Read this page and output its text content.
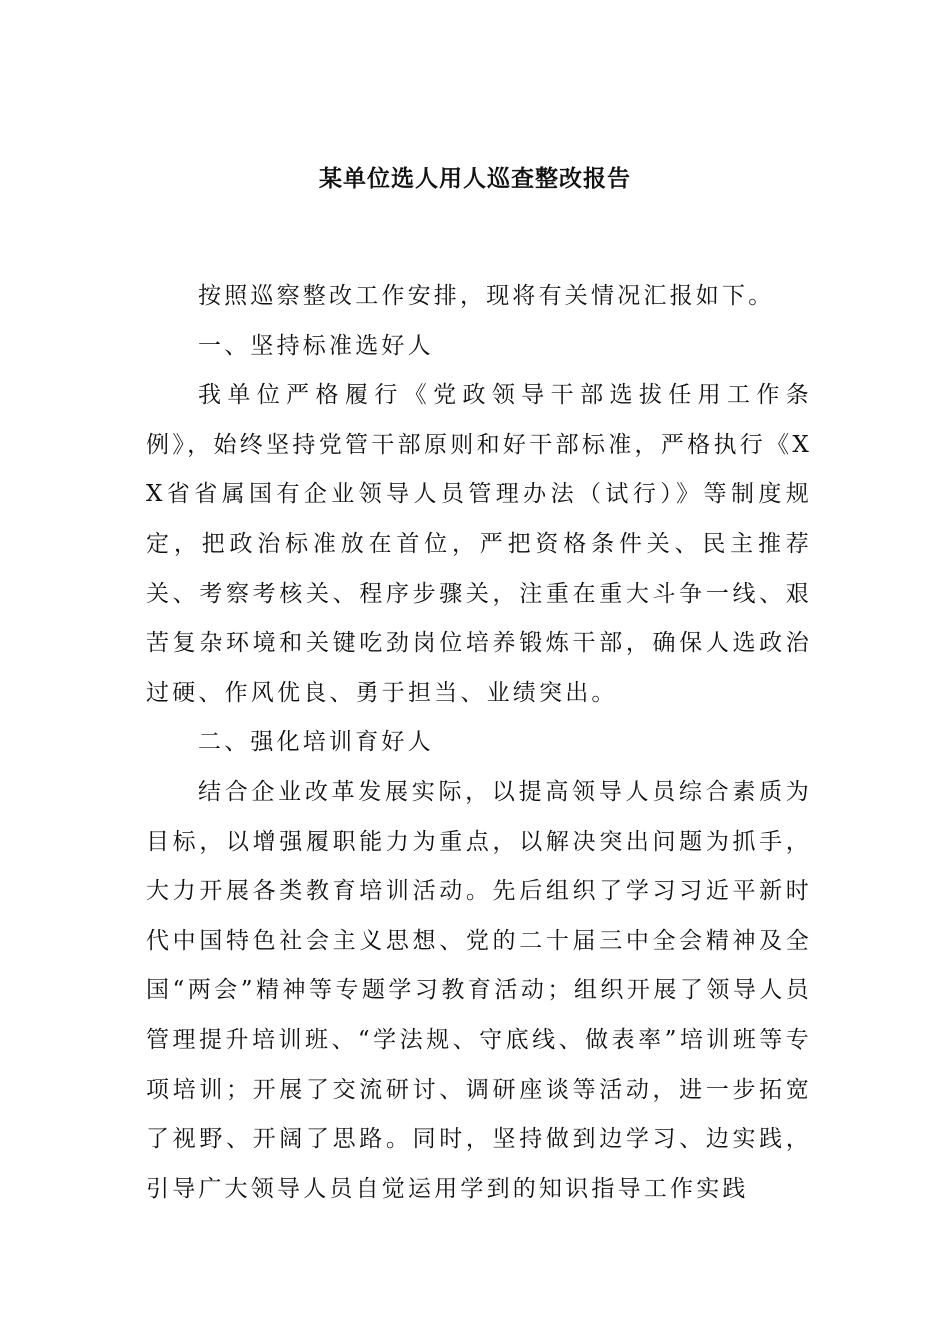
某单位选人用人巡查整改报告

按照巡察整改工作安排，现将有关情况汇报如下。

一、坚持标准选好人

我单位严格履行《党政领导干部选拔任用工作条例》，始终坚持党管干部原则和好干部标准，严格执行《XX省省属国有企业领导人员管理办法（试行）》等制度规定，把政治标准放在首位，严把资格条件关、民主推荐关、考察考核关、程序步骤关，注重在重大斗争一线、艰苦复杂环境和关键吃劲岗位培养锻炼干部，确保人选政治过硬、作风优良、勇于担当、业绩突出。

二、强化培训育好人

结合企业改革发展实际，以提高领导人员综合素质为目标，以增强履职能力为重点，以解决突出问题为抓手，大力开展各类教育培训活动。先后组织了学习习近平新时代中国特色社会主义思想、党的二十届三中全会精神及全国“两会”精神等专题学习教育活动；组织开展了领导人员管理提升培训班、“学法规、守底线、做表率”培训班等专项培训；开展了交流研讨、调研座谈等活动，进一步拓宽了视野、开阔了思路。同时，坚持做到边学习、边实践，引导广大领导人员自觉运用学到的知识指导工作实践
